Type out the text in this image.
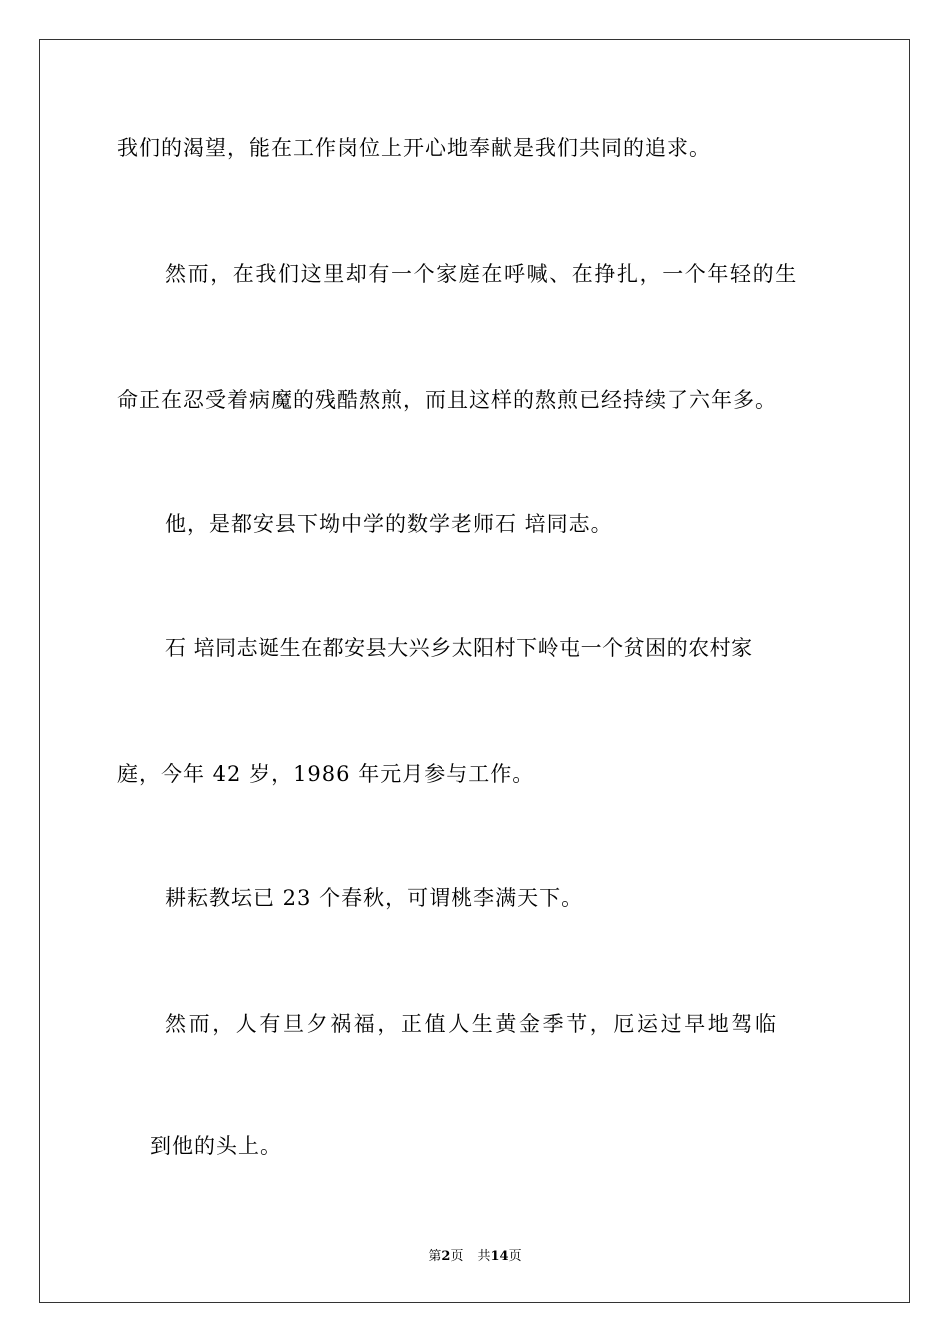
我们的渴望，能在工作岗位上开心地奉献是我们共同的追求。
然而，在我们这里却有一个家庭在呼喊、在挣扎，一个年轻的生
命正在忍受着病魔的残酷熬煎，而且这样的熬煎已经持续了六年多。
他，是都安县下坳中学的数学老师石 培同志。
石 培同志诞生在都安县大兴乡太阳村下岭屯一个贫困的农村家
庭，今年 42 岁，1986 年元月参与工作。
耕耘教坛已 23 个春秋，可谓桃李满天下。
然而，人有旦夕祸福，正值人生黄金季节，厄运过早地驾临
到他的头上。
第2页 共14页
